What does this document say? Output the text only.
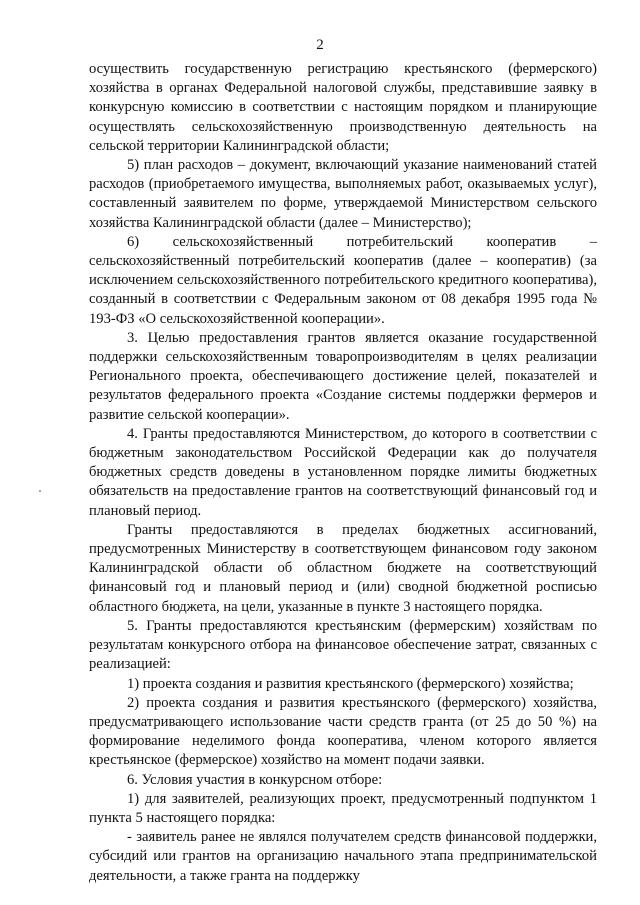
2

осуществить государственную регистрацию крестьянского (фермерского) хозяйства в органах Федеральной налоговой службы, представившие заявку в конкурсную комиссию в соответствии с настоящим порядком и планирующие осуществлять сельскохозяйственную производственную деятельность на сельской территории Калининградской области;

5) план расходов – документ, включающий указание наименований статей расходов (приобретаемого имущества, выполняемых работ, оказываемых услуг), составленный заявителем по форме, утверждаемой Министерством сельского хозяйства Калининградской области (далее – Министерство);

6) сельскохозяйственный потребительский кооператив – сельскохозяйственный потребительский кооператив (далее – кооператив) (за исключением сельскохозяйственного потребительского кредитного кооператива), созданный в соответствии с Федеральным законом от 08 декабря 1995 года № 193-ФЗ «О сельскохозяйственной кооперации».

3. Целью предоставления грантов является оказание государственной поддержки сельскохозяйственным товаропроизводителям в целях реализации Регионального проекта, обеспечивающего достижение целей, показателей и результатов федерального проекта «Создание системы поддержки фермеров и развитие сельской кооперации».

4. Гранты предоставляются Министерством, до которого в соответствии с бюджетным законодательством Российской Федерации как до получателя бюджетных средств доведены в установленном порядке лимиты бюджетных обязательств на предоставление грантов на соответствующий финансовый год и плановый период.

Гранты предоставляются в пределах бюджетных ассигнований, предусмотренных Министерству в соответствующем финансовом году законом Калининградской области об областном бюджете на соответствующий финансовый год и плановый период и (или) сводной бюджетной росписью областного бюджета, на цели, указанные в пункте 3 настоящего порядка.

5. Гранты предоставляются крестьянским (фермерским) хозяйствам по результатам конкурсного отбора на финансовое обеспечение затрат, связанных с реализацией:

1) проекта создания и развития крестьянского (фермерского) хозяйства;

2) проекта создания и развития крестьянского (фермерского) хозяйства, предусматривающего использование части средств гранта (от 25 до 50 %) на формирование неделимого фонда кооператива, членом которого является крестьянское (фермерское) хозяйство на момент подачи заявки.

6. Условия участия в конкурсном отборе:

1) для заявителей, реализующих проект, предусмотренный подпунктом 1 пункта 5 настоящего порядка:

- заявитель ранее не являлся получателем средств финансовой поддержки, субсидий или грантов на организацию начального этапа предпринимательской деятельности, а также гранта на поддержку
